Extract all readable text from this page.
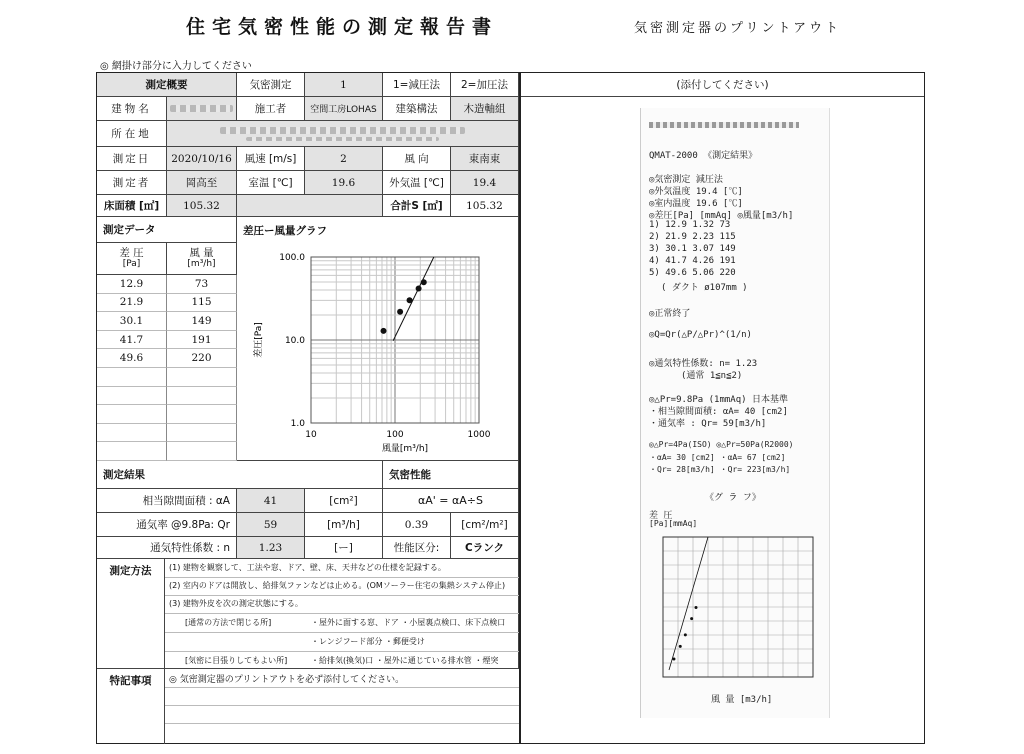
住宅気密性能の測定報告書	気密測定器のプリントアウト
◎ 網掛け部分に入力してください
測定概要	気密測定	1	1=減圧法	2=加圧法
建物名	施工者	空間工房LOHAS	建築構法	木造軸組
所在地
測定日	2020/10/16	風速 [m/s]	2	風 向	東南東
測定者	岡高至	室温 [℃]	19.6	外気温 [℃]	19.4
床面積 [㎡]	105.32	合計S [㎡]	105.32
測定データ	差圧ー風量グラフ
差 圧
[Pa]
風 量
[m³/h]
12.9	73
21.9	115
30.1	149
41.7	191
49.6	220
10	100	1000
100.0
10.0
1.0
風量[m³/h]
差圧[Pa]
測定結果	気密性能
相当隙間面積 : αA	41	[cm²]	αA' = αA÷S
通気率 @9.8Pa: Qr	59	[m³/h]	0.39	[cm²/m²]
通気特性係数 : n	1.23	[ー]	性能区分:	Cランク
測定方法	(1) 建物を観察して、工法や窓、ドア、壁、床、天井などの仕様を記録する。
(2) 室内のドアは開放し、給排気ファンなどは止める。(OMソーラー住宅の集熱システム停止)
(3) 建物外皮を次の測定状態にする。
[通常の方法で閉じる所]	・屋外に面する窓、ドア ・小屋裏点検口、床下点検口
・レンジフード部分 ・郵便受け
[気密に目張りしてもよい所]	・給排気(換気)口 ・屋外に通じている排水管 ・煙突
特記事項	◎ 気密測定器のプリントアウトを必ず添付してください。
(添付してください)
QMAT-2000 《測定結果》
◎気密測定 減圧法
◎外気温度 19.4 [℃]
◎室内温度 19.6 [℃]
◎差圧[Pa] [mmAq] ◎風量[m3/h]
1) 12.9 1.32 73
2) 21.9 2.23 115
3) 30.1 3.07 149
4) 41.7 4.26 191
5) 49.6 5.06 220
( ダクト ø107mm )
◎正常終了
◎Q=Qr(△P/△Pr)^(1/n)
◎通気特性係数: n= 1.23
(通常 1≦n≦2)
◎△Pr=9.8Pa (1mmAq) 日本基準
・相当隙間面積: αA= 40 [cm2]
・通気率 : Qr= 59[m3/h]
◎△Pr=4Pa(ISO) ◎△Pr=50Pa(R2000)
・αA= 30 [cm2] ・αA= 67 [cm2]
・Qr= 28[m3/h] ・Qr= 223[m3/h]
《グ ラ フ》
差 圧
[Pa][mmAq]
風 量 [m3/h]
